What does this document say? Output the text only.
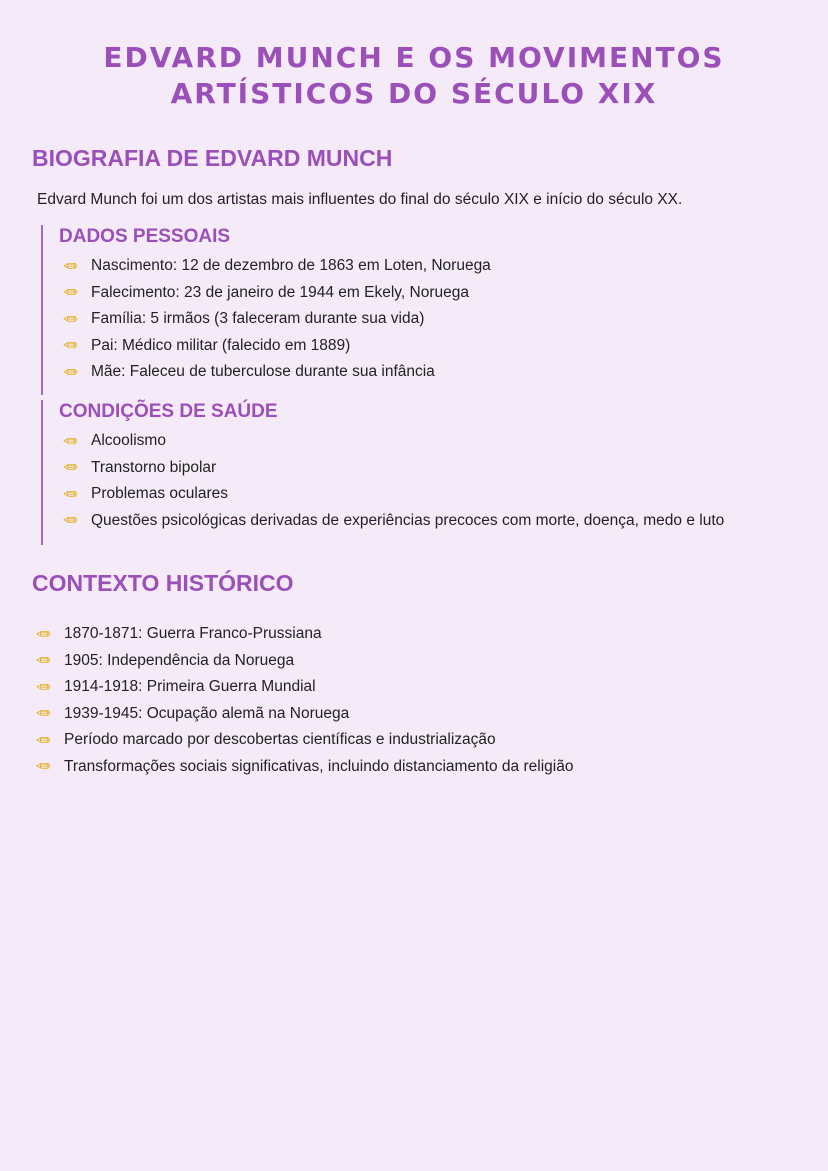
EDVARD MUNCH E OS MOVIMENTOS
ARTÍSTICOS DO SÉCULO XIX
BIOGRAFIA DE EDVARD MUNCH

Edvard Munch foi um dos artistas mais influentes do final do século XIX e início do século XX.

DADOS PESSOAIS
✏ Nascimento: 12 de dezembro de 1863 em Loten, Noruega
✏ Falecimento: 23 de janeiro de 1944 em Ekely, Noruega
✏ Família: 5 irmãos (3 faleceram durante sua vida)
✏ Pai: Médico militar (falecido em 1889)
✏ Mãe: Faleceu de tuberculose durante sua infância
CONDIÇÕES DE SAÚDE
✏ Alcoolismo
✏ Transtorno bipolar
✏ Problemas oculares
✏ Questões psicológicas derivadas de experiências precoces com morte, doença, medo e luto
CONTEXTO HISTÓRICO
✏ 1870-1871: Guerra Franco-Prussiana
✏ 1905: Independência da Noruega
✏ 1914-1918: Primeira Guerra Mundial
✏ 1939-1945: Ocupação alemã na Noruega
✏ Período marcado por descobertas científicas e industrialização
✏ Transformações sociais significativas, incluindo distanciamento da religião
